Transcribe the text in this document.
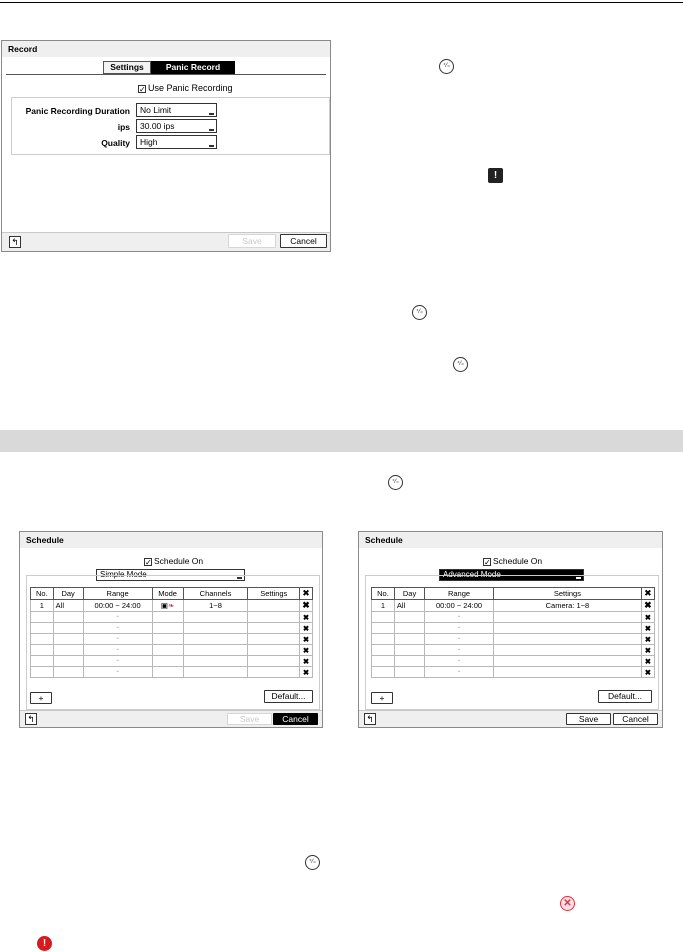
Record
Settings	Panic Record
✓ Use Panic Recording
Panic Recording Duration	No Limit
ips	30.00 ips
Quality	High
↰	Save	Cancel
⁺⁄₌
!
⁺⁄₌
⁺⁄₌
⁺⁄₌
Schedule
✓ Schedule On
Simple Mode
No.	Day	Range	Mode	Channels	Settings	✖
1	All	00:00 ~ 24:00	▣❧	1~8		✖
		⌃				✖
		⌃				✖
		⌃				✖
		⌃				✖
		⌃				✖
		⌃				✖
+	Default...
↰	Save	Cancel
Schedule
✓ Schedule On
Advanced Mode
No.	Day	Range	Settings	✖
1	All	00:00 ~ 24:00	Camera: 1~8	✖
		⌃		✖
		⌃		✖
		⌃		✖
		⌃		✖
		⌃		✖
		⌃		✖
+	Default...
↰	Save	Cancel
⁺⁄₌
✕
!
